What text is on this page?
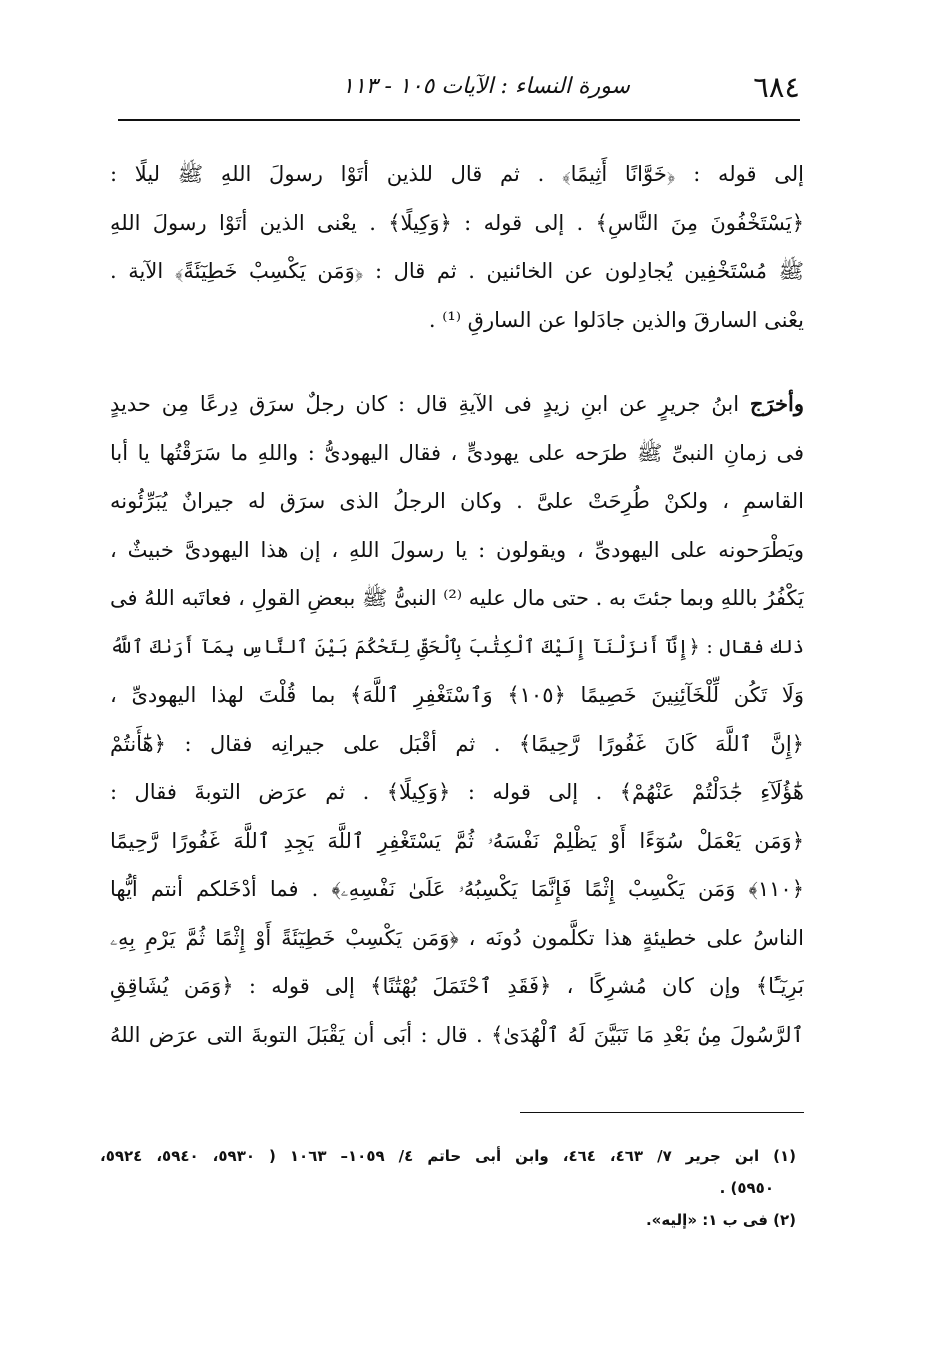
٦٨٤
سورة النساء : الآيات ١٠٥ - ١١٣
إلى قوله : ﴿خَوَّانًا أَثِيمًا﴾ . ثم قال للذين أتَوْا رسولَ اللهِ ﷺ ليلًا :
﴿يَسْتَخْفُونَ مِنَ النَّاسِ﴾ . إلى قوله : ﴿وَكِيلًا﴾ . يعْنى الذين أتَوْا رسولَ اللهِ
ﷺ مُسْتَخْفِين يُجادِلون عن الخائنين . ثم قال : ﴿وَمَن يَكْسِبْ خَطِيٓئَةً﴾ الآية .
يعْنى السارقَ والذين جادَلوا عن السارقِ ⁽¹⁾ .
وأخرَج ابنُ جريرٍ عن ابنِ زيدٍ فى الآيةِ قال : كان رجلٌ سرَق دِرعًا مِن حديدٍ
فى زمانِ النبىِّ ﷺ طرَحه على يهودىٍّ ، فقال اليهودىُّ : واللهِ ما سَرَقْتُها يا أبا
القاسمِ ، ولكنْ طُرِحَتْ علىَّ . وكان الرجلُ الذى سرَق له جيرانٌ يُبَرِّئُونه
ويَطْرَحونه على اليهودىِّ ، ويقولون : يا رسولَ اللهِ ، إن هذا اليهودىَّ خبيثٌ ،
يَكْفُرُ باللهِ وبما جئتَ به . حتى مال عليه ⁽²⁾ النبىُّ ﷺ ببعضِ القولِ ، فعاتَبه اللهُ فى
ذلك فقال : ﴿إِنَّآ أَنزَلْنَآ إِلَيْكَ ٱلْكِتَٰبَ بِٱلْحَقِّ لِتَحْكُمَ بَيْنَ ٱلنَّاسِ بِمَآ أَرَىٰكَ ٱللَّهُ
وَلَا تَكُن لِّلْخَآئِنِينَ خَصِيمًا ﴿١٠٥﴾ وَٱسْتَغْفِرِ ٱللَّهَ﴾ بما قُلْتَ لهذا اليهودىِّ ،
﴿إِنَّ ٱللَّهَ كَانَ غَفُورًا رَّحِيمًا﴾ . ثم أقْبَل على جيرانِه فقال : ﴿هَٰٓأَنتُمْ
هَٰٓؤُلَآءِ جَٰدَلْتُمْ عَنْهُمْ﴾ . إلى قوله : ﴿وَكِيلًا﴾ . ثم عرَض التوبةَ فقال :
﴿وَمَن يَعْمَلْ سُوٓءًا أَوْ يَظْلِمْ نَفْسَهُۥ ثُمَّ يَسْتَغْفِرِ ٱللَّهَ يَجِدِ ٱللَّهَ غَفُورًا رَّحِيمًا
﴿١١٠﴾ وَمَن يَكْسِبْ إِثْمًا فَإِنَّمَا يَكْسِبُهُۥ عَلَىٰ نَفْسِهِۦ﴾ . فما أدْخَلكم أنتم أيُّها
الناسُ على خطيئةٍ هذا تكلَّمون دُونَه ، ﴿وَمَن يَكْسِبْ خَطِيٓئَةً أَوْ إِثْمًا ثُمَّ يَرْمِ بِهِۦ
بَرِيٓـًٔا﴾ وإن كان مُشرِكًا ، ﴿فَقَدِ ٱحْتَمَلَ بُهْتَٰنًا﴾ إلى قوله : ﴿وَمَن يُشَاقِقِ
ٱلرَّسُولَ مِنۢ بَعْدِ مَا تَبَيَّنَ لَهُ ٱلْهُدَىٰ﴾ . قال : أبَى أن يَقْبَلَ التوبةَ التى عرَض اللهُ
(١) ابن جرير ٧/ ٤٦٣، ٤٦٤، وابن أبى حاتم ٤/ ١٠٥٩– ١٠٦٣ ( ٥٩٣٠، ٥٩٤٠، ٥٩٢٤،
٥٩٥٠) .
(٢) فى ب ١: «إليه».
